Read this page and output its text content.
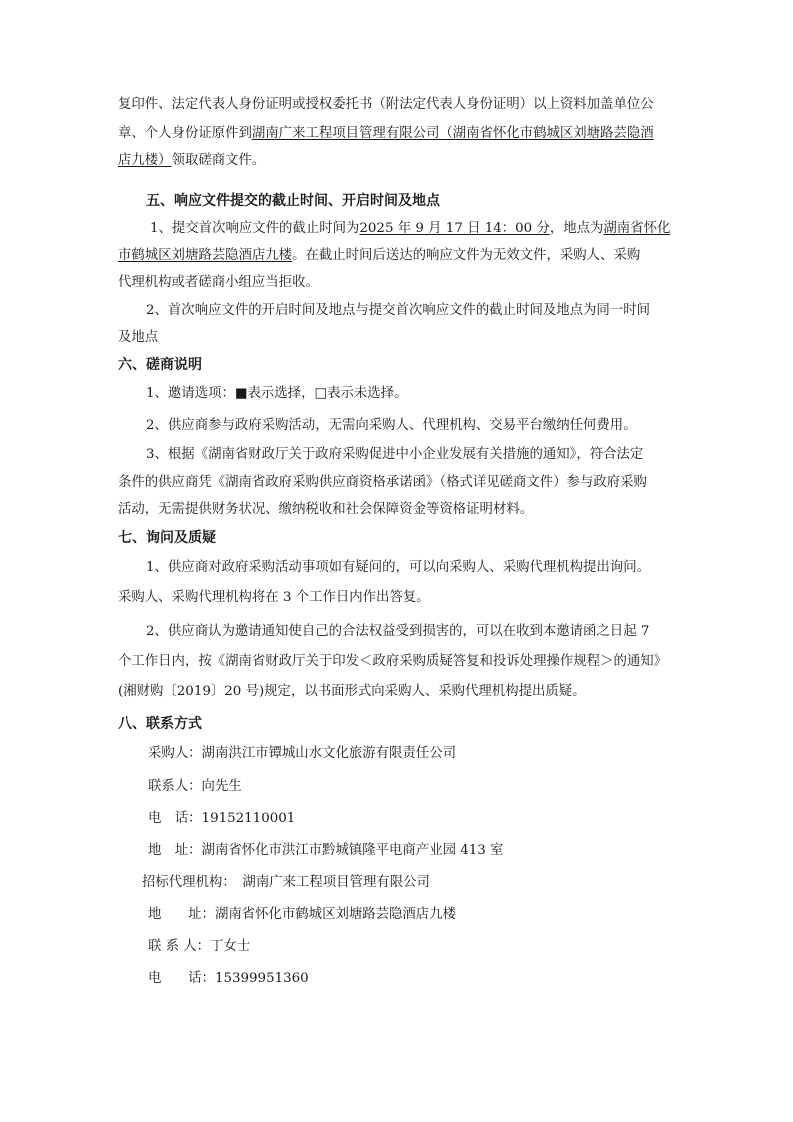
复印件、法定代表人身份证明或授权委托书（附法定代表人身份证明）以上资料加盖单位公
章、个人身份证原件到湖南广来工程项目管理有限公司（湖南省怀化市鹤城区刘塘路芸隐酒
店九楼）领取磋商文件。
五、响应文件提交的截止时间、开启时间及地点
1、提交首次响应文件的截止时间为2025 年 9 月 17 日 14：00 分，地点为湖南省怀化
市鹤城区刘塘路芸隐酒店九楼。在截止时间后送达的响应文件为无效文件，采购人、采购
代理机构或者磋商小组应当拒收。
2、首次响应文件的开启时间及地点与提交首次响应文件的截止时间及地点为同一时间
及地点
六、磋商说明
1、邀请选项：■表示选择，□表示未选择。
2、供应商参与政府采购活动，无需向采购人、代理机构、交易平台缴纳任何费用。
3、根据《湖南省财政厅关于政府采购促进中小企业发展有关措施的通知》，符合法定
条件的供应商凭《湖南省政府采购供应商资格承诺函》（格式详见磋商文件）参与政府采购
活动，无需提供财务状况、缴纳税收和社会保障资金等资格证明材料。
七、询问及质疑
1、供应商对政府采购活动事项如有疑问的，可以向采购人、采购代理机构提出询问。
采购人、采购代理机构将在 3 个工作日内作出答复。
2、供应商认为邀请通知使自己的合法权益受到损害的，可以在收到本邀请函之日起 7
个工作日内，按《湖南省财政厅关于印发＜政府采购质疑答复和投诉处理操作规程＞的通知》
(湘财购〔2019〕20 号)规定，以书面形式向采购人、采购代理机构提出质疑。
八、联系方式
采购人：湖南洪江市镡城山水文化旅游有限责任公司
联系人：向先生
电　话：19152110001
地　址：湖南省怀化市洪江市黔城镇隆平电商产业园 413 室
招标代理机构：　湖南广来工程项目管理有限公司
地　　址：湖南省怀化市鹤城区刘塘路芸隐酒店九楼
联 系 人：丁女士
电　　话：15399951360
